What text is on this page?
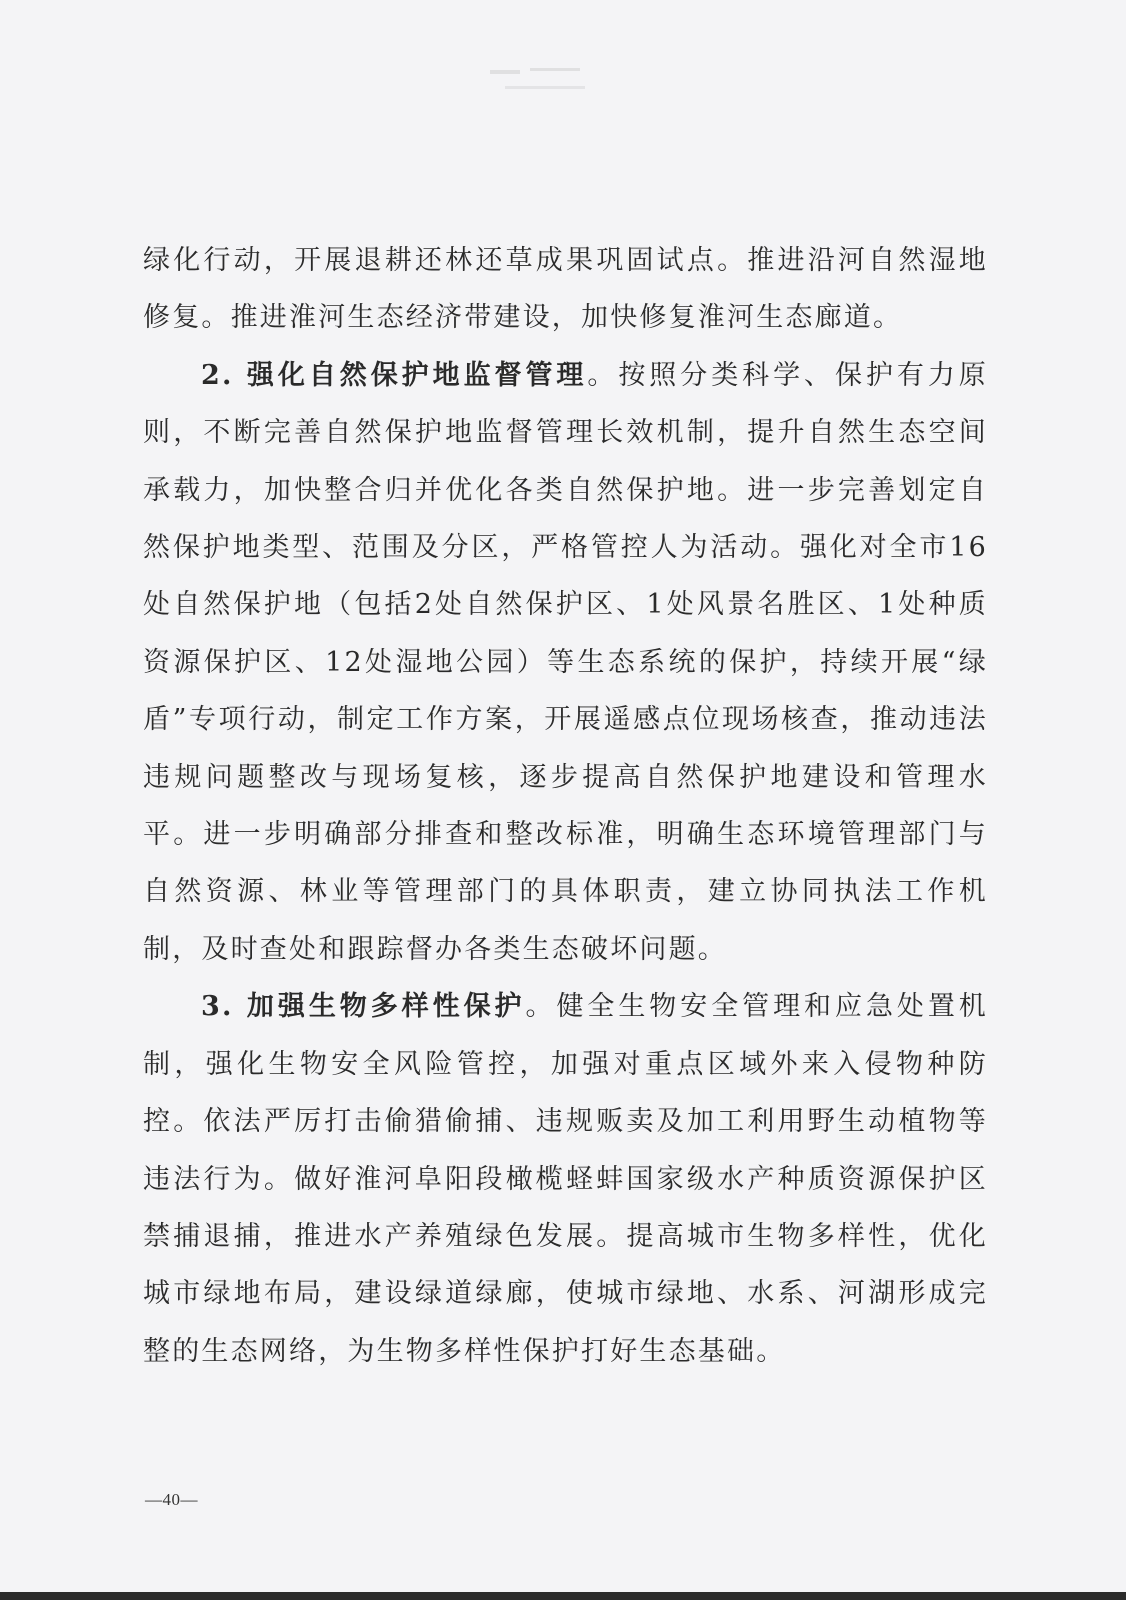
绿化行动，开展退耕还林还草成果巩固试点。推进沿河自然湿地修复。推进淮河生态经济带建设，加快修复淮河生态廊道。

2. 强化自然保护地监督管理。按照分类科学、保护有力原则，不断完善自然保护地监督管理长效机制，提升自然生态空间承载力，加快整合归并优化各类自然保护地。进一步完善划定自然保护地类型、范围及分区，严格管控人为活动。强化对全市16处自然保护地（包括2处自然保护区、1处风景名胜区、1处种质资源保护区、12处湿地公园）等生态系统的保护，持续开展“绿盾”专项行动，制定工作方案，开展遥感点位现场核查，推动违法违规问题整改与现场复核，逐步提高自然保护地建设和管理水平。进一步明确部分排查和整改标准，明确生态环境管理部门与自然资源、林业等管理部门的具体职责，建立协同执法工作机制，及时查处和跟踪督办各类生态破坏问题。

3. 加强生物多样性保护。健全生物安全管理和应急处置机制，强化生物安全风险管控，加强对重点区域外来入侵物种防控。依法严厉打击偷猎偷捕、违规贩卖及加工利用野生动植物等违法行为。做好淮河阜阳段橄榄蛏蚌国家级水产种质资源保护区禁捕退捕，推进水产养殖绿色发展。提高城市生物多样性，优化城市绿地布局，建设绿道绿廊，使城市绿地、水系、河湖形成完整的生态网络，为生物多样性保护打好生态基础。

—40—
